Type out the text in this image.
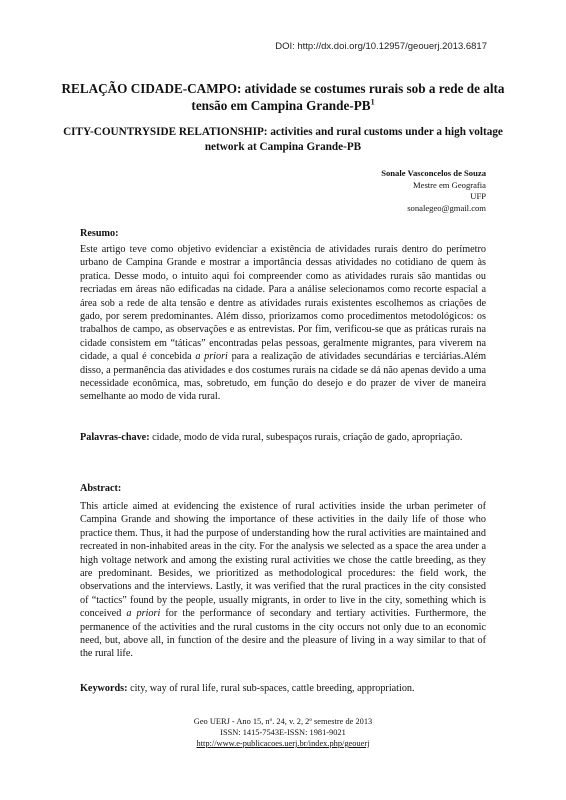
DOI: http://dx.doi.org/10.12957/geouerj.2013.6817
RELAÇÃO CIDADE-CAMPO: atividade se costumes rurais sob a rede de alta tensão em Campina Grande-$PB^1$
CITY-COUNTRYSIDE RELATIONSHIP: activities and rural customs under a high voltage network at Campina Grande-PB
Sonale Vasconcelos de Souza
Mestre em Geografia
UFP
sonalegeo@gmail.com
Resumo:

Este artigo teve como objetivo evidenciar a existência de atividades rurais dentro do perímetro urbano de Campina Grande e mostrar a importância dessas atividades no cotidiano de quem às pratica. Desse modo, o intuito aqui foi compreender como as atividades rurais são mantidas ou recriadas em áreas não edificadas na cidade. Para a análise selecionamos como recorte espacial a área sob a rede de alta tensão e dentre as atividades rurais existentes escolhemos as criações de gado, por serem predominantes. Além disso, priorizamos como procedimentos metodológicos: os trabalhos de campo, as observações e as entrevistas. Por fim, verificou-se que as práticas rurais na cidade consistem em “táticas” encontradas pelas pessoas, geralmente migrantes, para viverem na cidade, a qual é concebida a priori para a realização de atividades secundárias e terciárias.Além disso, a permanência das atividades e dos costumes rurais na cidade se dá não apenas devido a uma necessidade econômica, mas, sobretudo, em função do desejo e do prazer de viver de maneira semelhante ao modo de vida rural.

Palavras-chave: cidade, modo de vida rural, subespaços rurais, criação de gado, apropriação.

Abstract:

This article aimed at evidencing the existence of rural activities inside the urban perimeter of Campina Grande and showing the importance of these activities in the daily life of those who practice them. Thus, it had the purpose of understanding how the rural activities are maintained and recreated in non-inhabited areas in the city. For the analysis we selected as a space the area under a high voltage network and among the existing rural activities we chose the cattle breeding, as they are predominant. Besides, we prioritized as methodological procedures: the field work, the observations and the interviews. Lastly, it was verified that the rural practices in the city consisted of “tactics” found by the people, usually migrants, in order to live in the city, something which is conceived a priori for the performance of secondary and tertiary activities. Furthermore, the permanence of the activities and the rural customs in the city occurs not only due to an economic need, but, above all, in function of the desire and the pleasure of living in a way similar to that of the rural life.

Keywords: city, way of rural life, rural sub-spaces, cattle breeding, appropriation.

Geo UERJ - Ano 15, nº. 24, v. 2, 2º semestre de 2013
ISSN: 1415-7543E-ISSN: 1981-9021
http://www.e-publicacoes.uerj.br/index.php/geouerj
